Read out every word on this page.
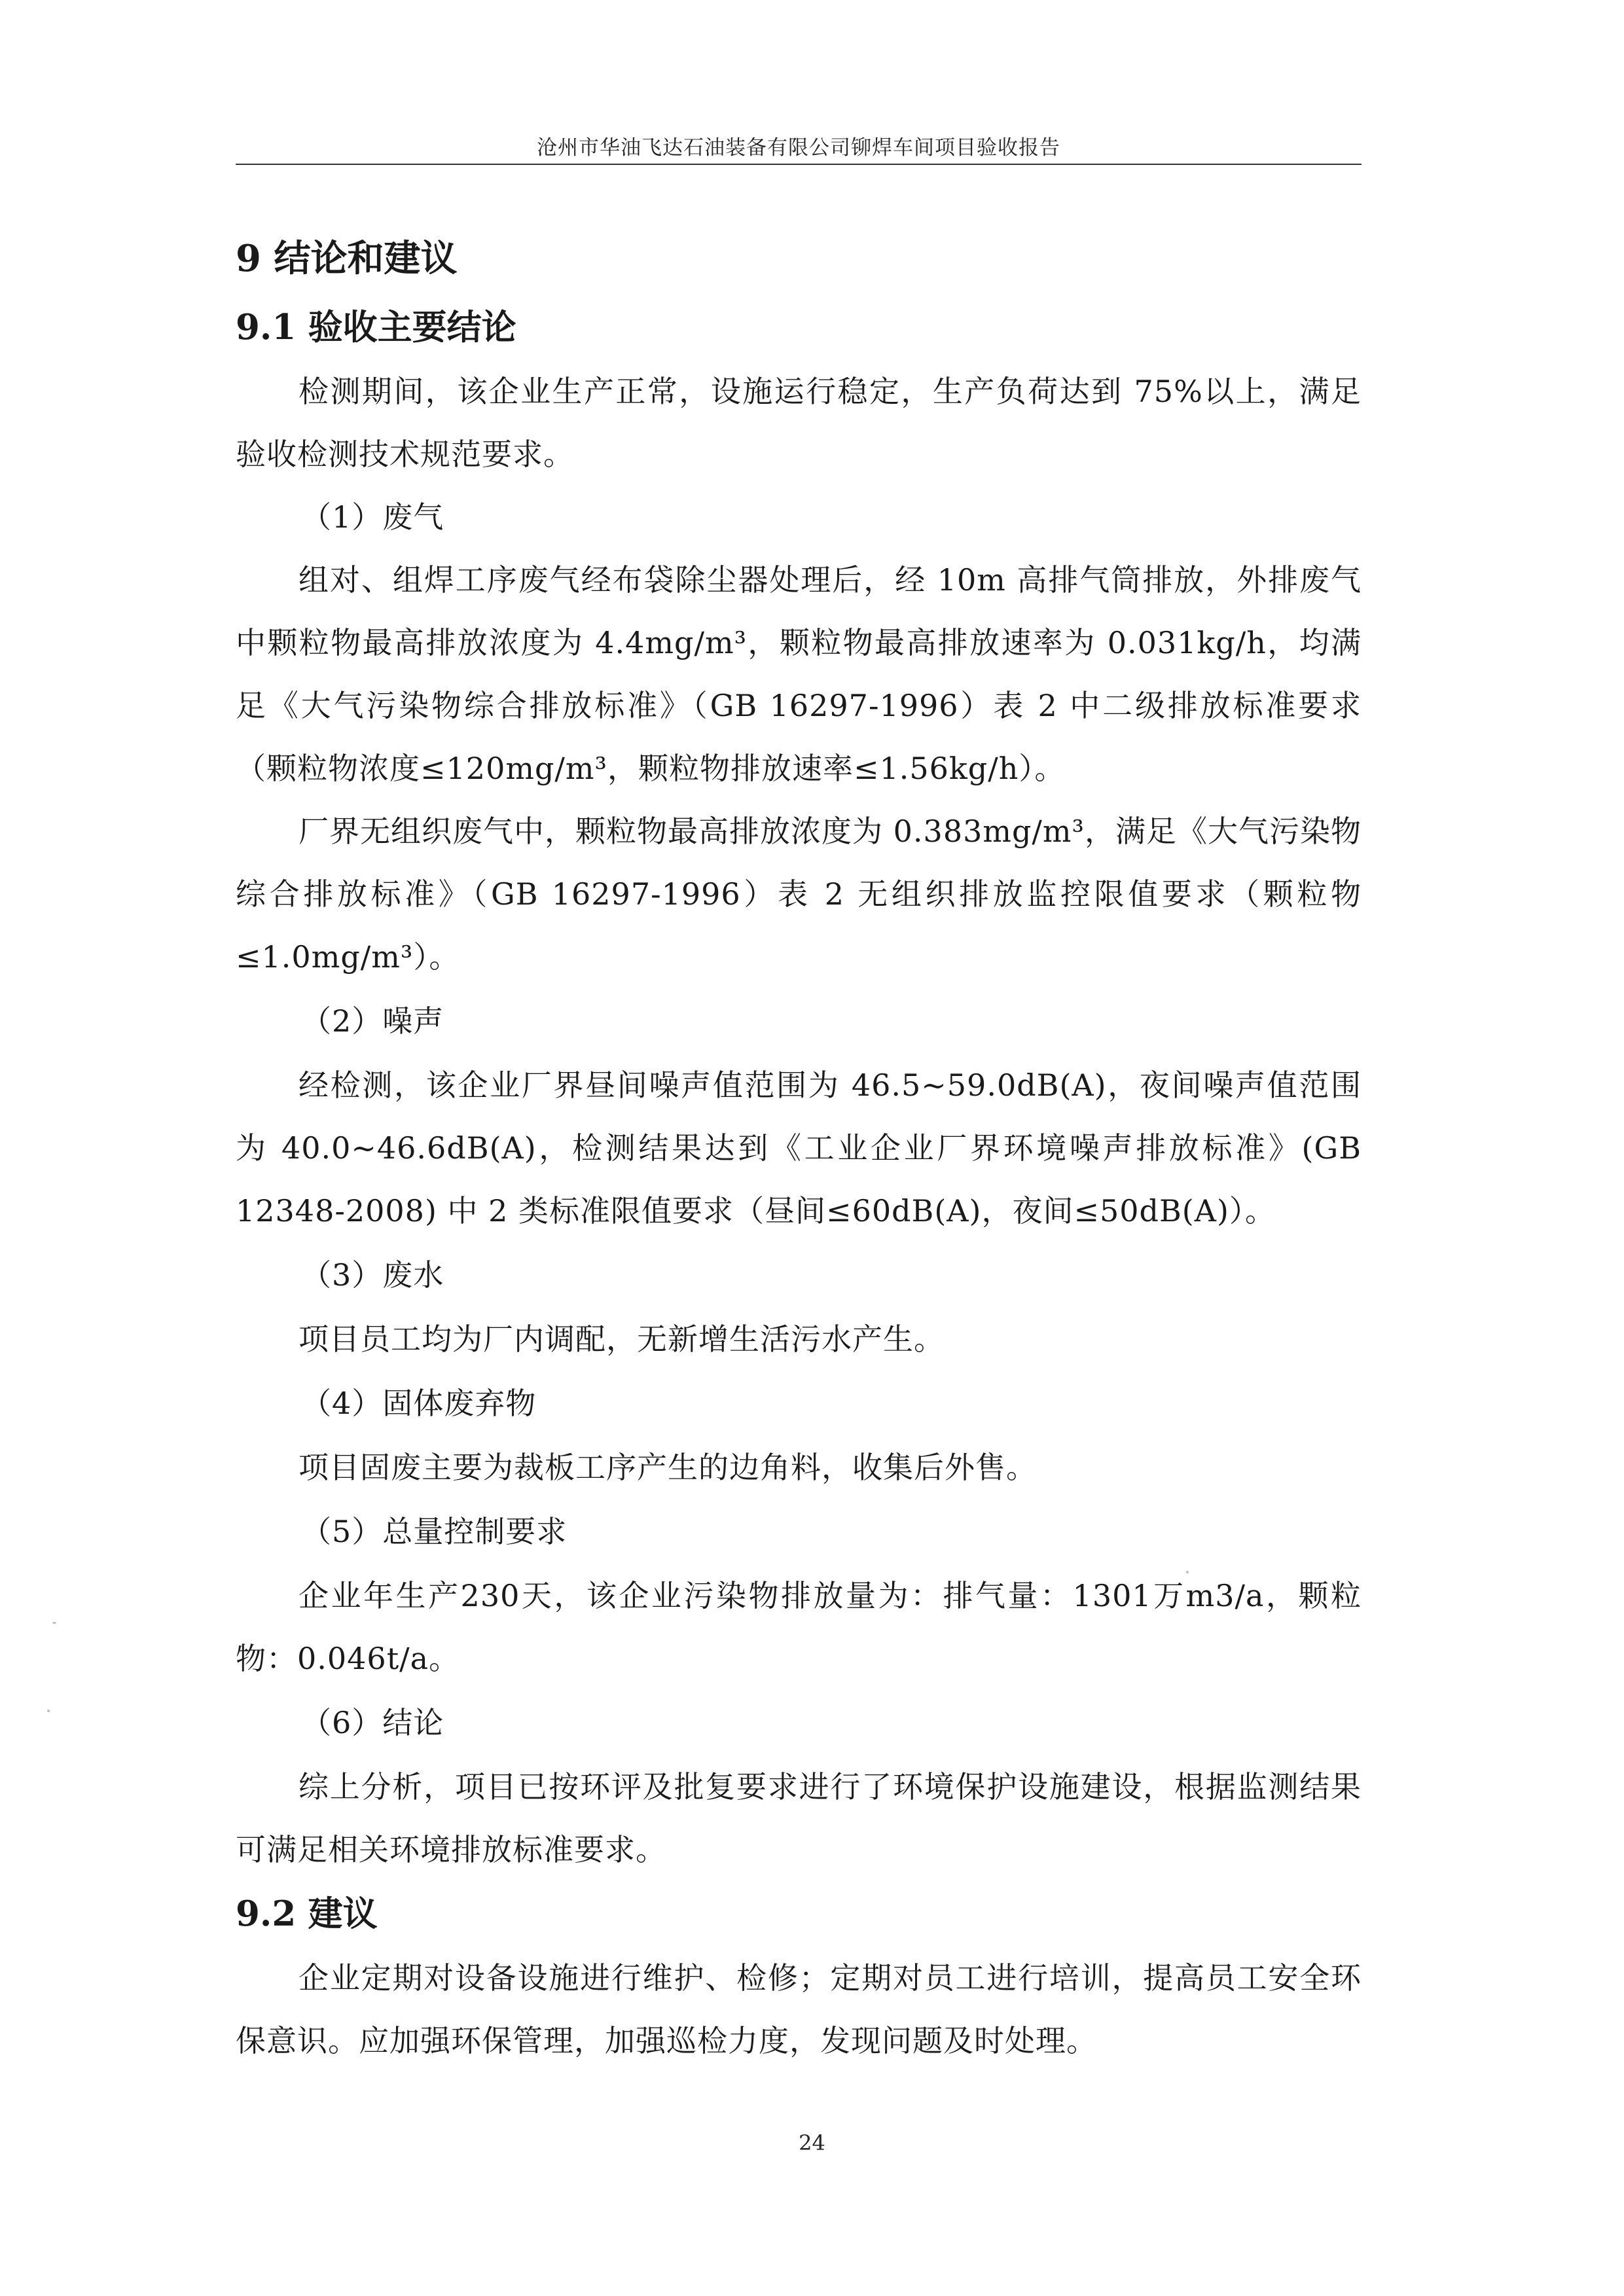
沧州市华油飞达石油装备有限公司铆焊车间项目验收报告
9 结论和建议
9.1 验收主要结论

检测期间，该企业生产正常，设施运行稳定，生产负荷达到 75%以上，满足验收检测技术规范要求。

（1）废气

组对、组焊工序废气经布袋除尘器处理后，经 10m 高排气筒排放，外排废气中颗粒物最高排放浓度为 4.4mg/m³，颗粒物最高排放速率为 0.031kg/h，均满足《大气污染物综合排放标准》（GB 16297-1996）表 2 中二级排放标准要求（颗粒物浓度≤120mg/m³，颗粒物排放速率≤1.56kg/h）。

厂界无组织废气中，颗粒物最高排放浓度为 0.383mg/m³，满足《大气污染物综合排放标准》（GB 16297-1996）表 2 无组织排放监控限值要求（颗粒物≤1.0mg/m³）。

（2）噪声

经检测，该企业厂界昼间噪声值范围为 46.5~59.0dB(A)，夜间噪声值范围为 40.0~46.6dB(A)，检测结果达到《工业企业厂界环境噪声排放标准》(GB 12348-2008) 中 2 类标准限值要求（昼间≤60dB(A)，夜间≤50dB(A)）。

（3）废水

项目员工均为厂内调配，无新增生活污水产生。

（4）固体废弃物

项目固废主要为裁板工序产生的边角料，收集后外售。

（5）总量控制要求

企业年生产230天，该企业污染物排放量为：排气量：1301万m3/a，颗粒物：0.046t/a。

（6）结论

综上分析，项目已按环评及批复要求进行了环境保护设施建设，根据监测结果可满足相关环境排放标准要求。

9.2 建议

企业定期对设备设施进行维护、检修；定期对员工进行培训，提高员工安全环保意识。应加强环保管理，加强巡检力度，发现问题及时处理。

24
